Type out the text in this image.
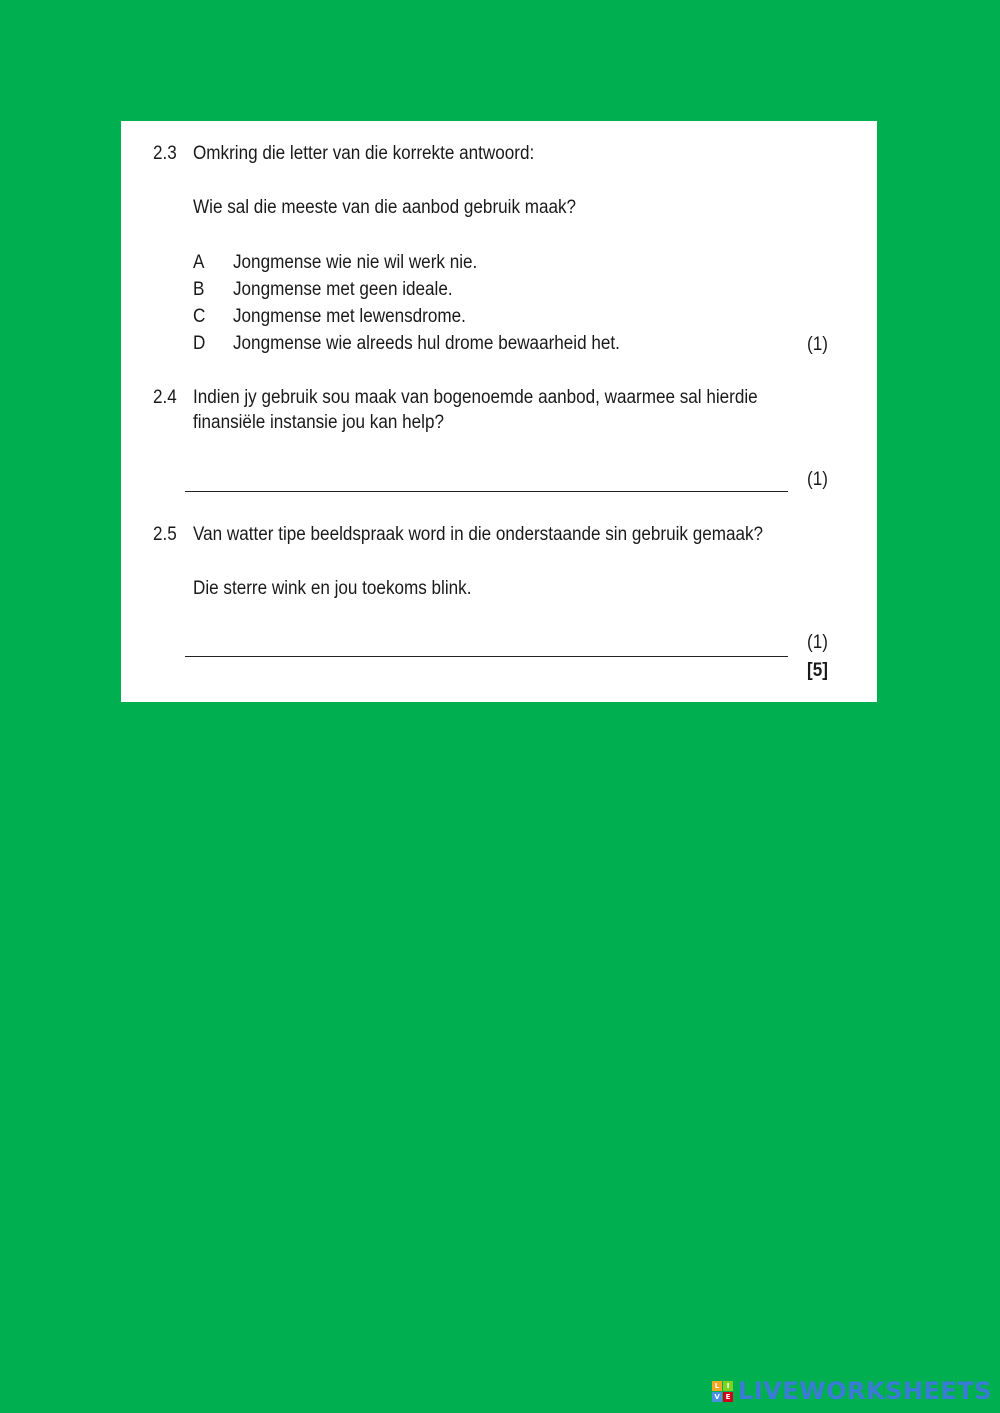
2.3 Omkring die letter van die korrekte antwoord:
Wie sal die meeste van die aanbod gebruik maak?
A Jongmense wie nie wil werk nie.
B Jongmense met geen ideale.
C Jongmense met lewensdrome.
D Jongmense wie alreeds hul drome bewaarheid het.	(1)
2.4 Indien jy gebruik sou maak van bogenoemde aanbod, waarmee sal hierdie
finansiële instansie jou kan help?
(1)
2.5 Van watter tipe beeldspraak word in die onderstaande sin gebruik gemaak?
Die sterre wink en jou toekoms blink.
(1)
[5]
L	I
V E LIVEWORKSHEETS
